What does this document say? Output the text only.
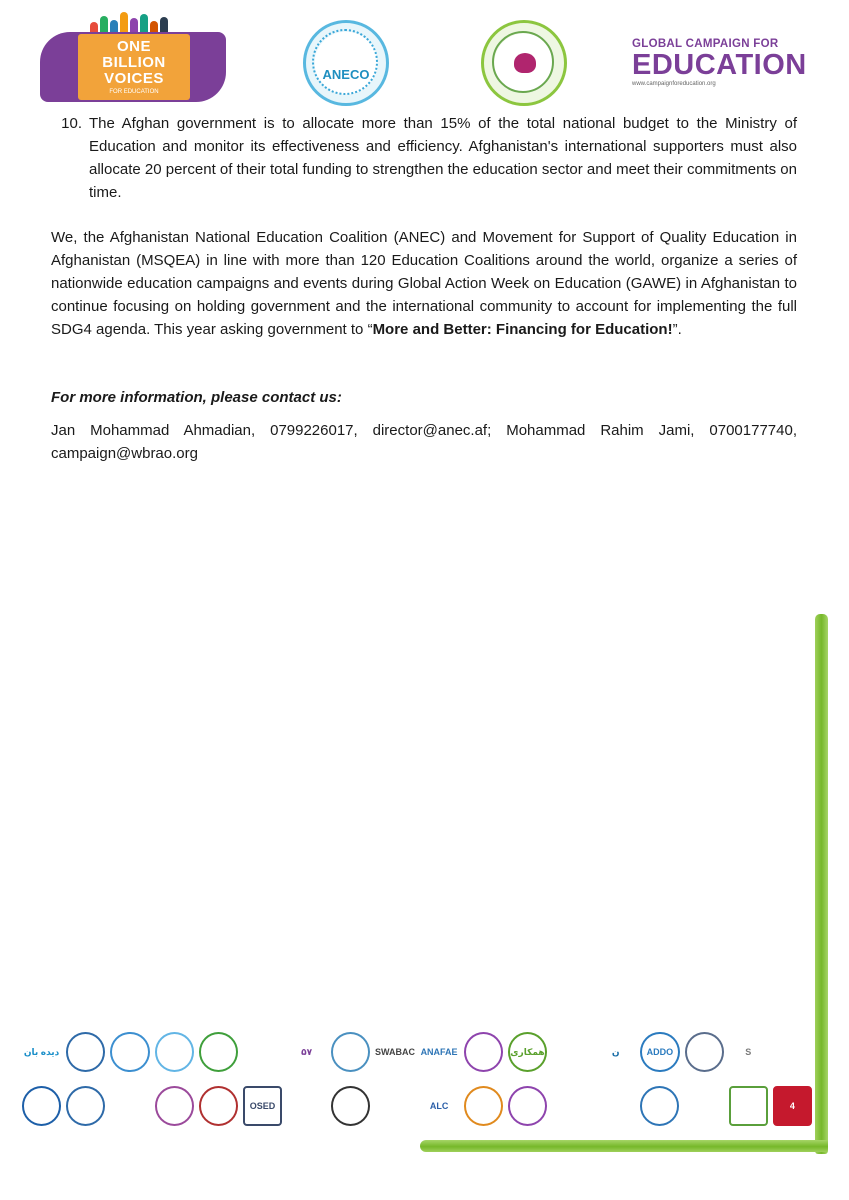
ONE
BILLION
VOICES
FOR EDUCATION
ANECO
GLOBAL CAMPAIGN FOR
EDUCATION
www.campaignforeducation.org
10. The Afghan government is to allocate more than 15% of the total national budget to the Ministry of Education and monitor its effectiveness and efficiency. Afghanistan's international supporters must also allocate 20 percent of their total funding to strengthen the education sector and meet their commitments on time.
We, the Afghanistan National Education Coalition (ANEC) and Movement for Support of Quality Education in Afghanistan (MSQEA) in line with more than 120 Education Coalitions around the world, organize a series of nationwide education campaigns and events during Global Action Week on Education (GAWE) in Afghanistan to continue focusing on holding government and the international community to account for implementing the full SDG4 agenda. This year asking government to “More and Better: Financing for Education!”.
For more information, please contact us:
Jan Mohammad Ahmadian, 0799226017, director@anec.af; Mohammad Rahim Jami, 0700177740, campaign@wbrao.org
دیده بان	۵۷	SWABAC ANAFAE	همکاری	ن	ADDO	S
OSED	ALC	4
